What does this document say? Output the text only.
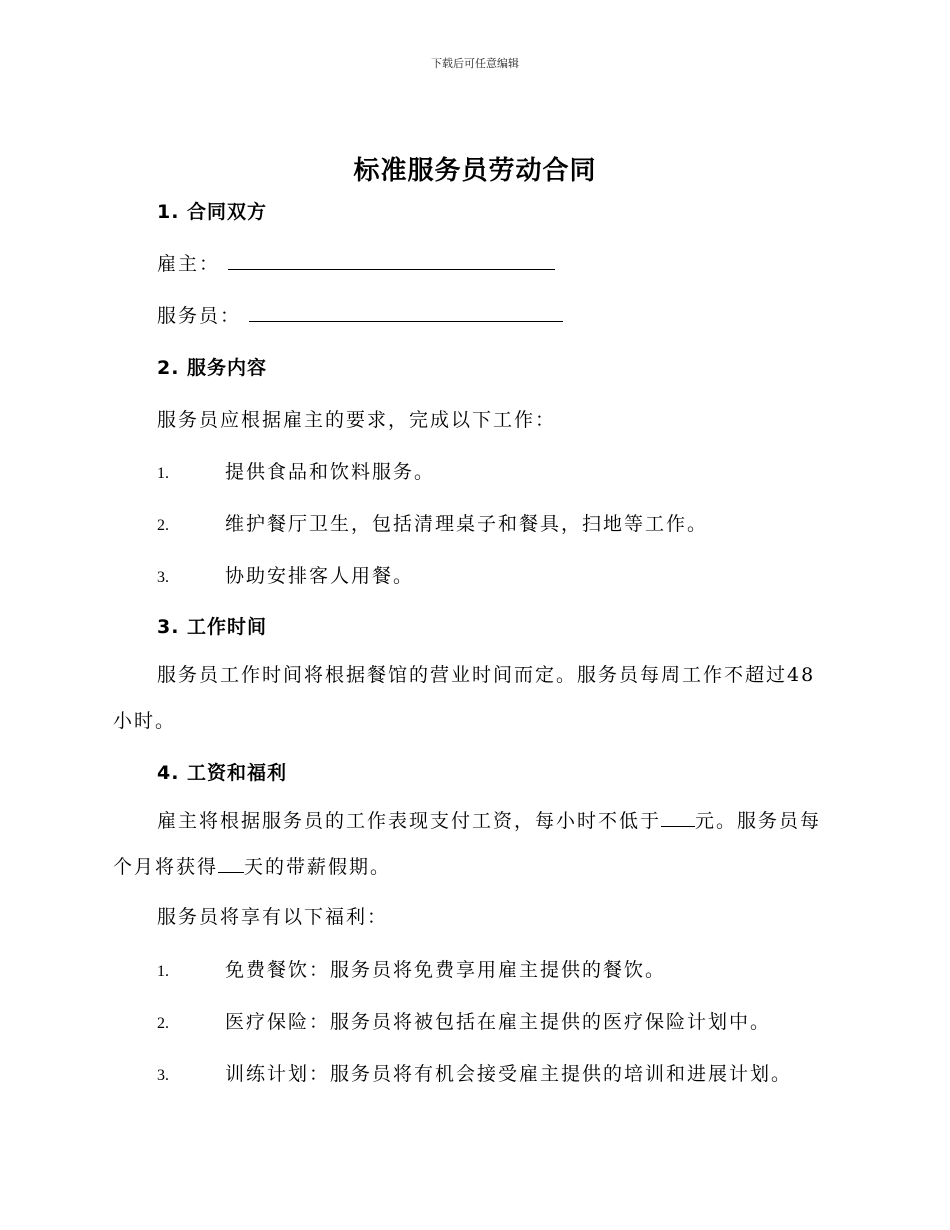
下载后可任意编辑
标准服务员劳动合同
1. 合同双方
雇主：
服务员：
2. 服务内容
服务员应根据雇主的要求，完成以下工作：
1.	提供食品和饮料服务。
2.	维护餐厅卫生，包括清理桌子和餐具，扫地等工作。
3.	协助安排客人用餐。
3. 工作时间
服务员工作时间将根据餐馆的营业时间而定。服务员每周工作不超过48小时。
4. 工资和福利
雇主将根据服务员的工作表现支付工资，每小时不低于 元。服务员每个月将获得 天的带薪假期。
服务员将享有以下福利：
1.	免费餐饮：服务员将免费享用雇主提供的餐饮。
2.	医疗保险：服务员将被包括在雇主提供的医疗保险计划中。
3.	训练计划：服务员将有机会接受雇主提供的培训和进展计划。
